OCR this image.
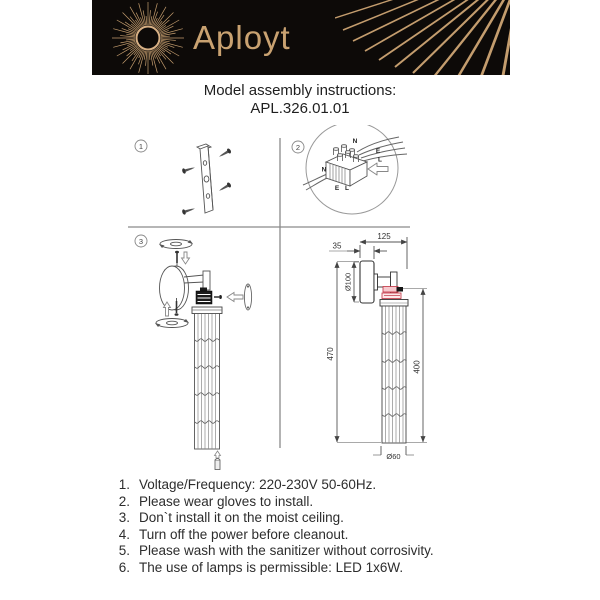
Aployt
Model assembly instructions:
APL.326.01.01
1	2
N
E
L
N
E L
3
125
35
Ø100
470
400
Ø60
1. Voltage/Frequency: 220-230V 50-60Hz.
2. Please wear gloves to install.
3. Don`t install it on the moist ceiling.
4. Turn off the power before cleanout.
5. Please wash with the sanitizer without corrosivity.
6. The use of lamps is permissible: LED 1x6W.
